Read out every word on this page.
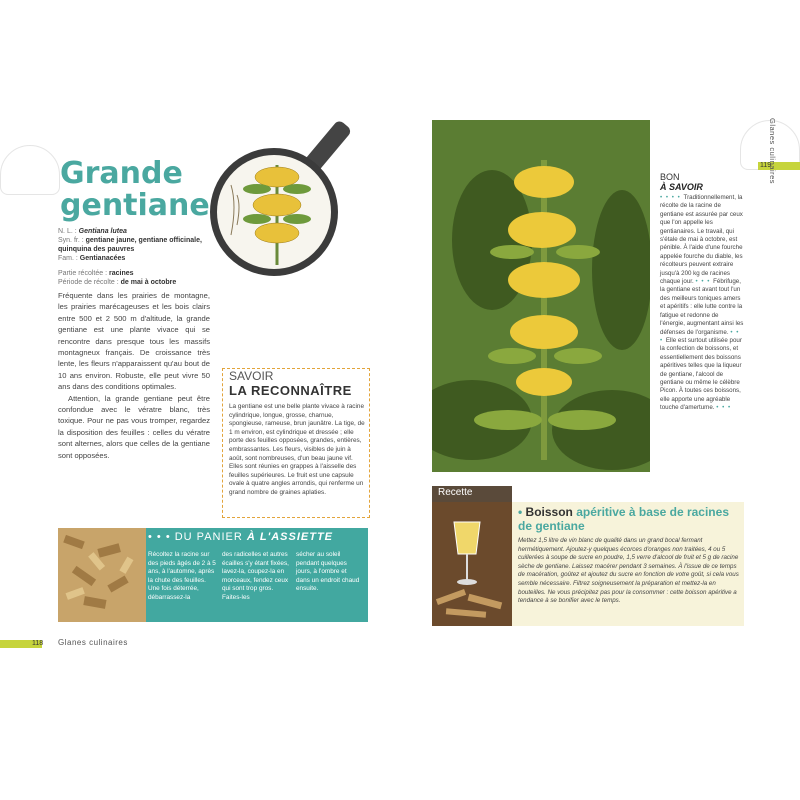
Grande
gentiane
N. L. : Gentiana lutea
Syn. fr. : gentiane jaune, gentiane officinale,
quinquina des pauvres
Fam. : Gentianacées
Partie récoltée : racines
Période de récolte : de mai à octobre

Fréquente dans les prairies de montagne, les prairies marécageuses et les bois clairs entre 500 et 2 500 m d'altitude, la grande gentiane est une plante vivace qui se rencontre dans presque tous les massifs montagneux français. De croissance très lente, les fleurs n'apparaissent qu'au bout de 10 ans environ. Robuste, elle peut vivre 50 ans dans des conditions optimales.

Attention, la grande gentiane peut être confondue avec le vératre blanc, très toxique. Pour ne pas vous tromper, regardez la disposition des feuilles : celles du vératre sont alternes, alors que celles de la gentiane sont opposées.

SAVOIR
LA RECONNAÎTRE
La gentiane est une belle plante vivace à racine cylindrique, longue, grosse, charnue, spongieuse, rameuse, brun jaunâtre. La tige, de 1 m environ, est cylindrique et dressée ; elle porte des feuilles opposées, grandes, entières, embrassantes. Les fleurs, visibles de juin à août, sont nombreuses, d'un beau jaune vif. Elles sont réunies en grappes à l'aisselle des feuilles supérieures. Le fruit est une capsule ovale à quatre angles arrondis, qui renferme un grand nombre de graines aplaties.
• • • DU PANIER À L'ASSIETTE
Récoltez la racine sur des pieds âgés de 2 à 5 ans, à l'automne, après la chute des feuilles. Une fois déterrée, débarrassez-la
des radicelles et autres écailles s'y étant fixées, lavez-la, coupez-la en morceaux, fendez ceux qui sont trop gros. Faites-les
sécher au soleil pendant quelques jours, à l'ombre et dans un endroit chaud ensuite.
118 Glanes culinaires
BON
À SAVOIR
• • • • Traditionnellement, la récolte de la racine de gentiane est assurée par ceux que l'on appelle les gentianaires. Le travail, qui s'étale de mai à octobre, est pénible. À l'aide d'une fourche appelée fourche du diable, les récolteurs peuvent extraire jusqu'à 200 kg de racines chaque jour. • • • Fébrifuge, la gentiane est avant tout l'un des meilleurs toniques amers et apéritifs : elle lutte contre la fatigue et redonne de l'énergie, augmentant ainsi les défenses de l'organisme. • • • Elle est surtout utilisée pour la confection de boissons, et essentiellement des boissons apéritives telles que la liqueur de gentiane, l'alcool de gentiane ou même le célèbre Picon. À toutes ces boissons, elle apporte une agréable touche d'amertume. • • •
119
Glanes culinaires
Recette
• Boisson apéritive à base de racines de gentiane
Mettez 1,5 litre de vin blanc de qualité dans un grand bocal fermant hermétiquement. Ajoutez-y quelques écorces d'oranges non traitées, 4 ou 5 cuillerées à soupe de sucre en poudre, 1,5 verre d'alcool de fruit et 5 g de racine sèche de gentiane. Laissez macérer pendant 3 semaines. À l'issue de ce temps de macération, goûtez et ajoutez du sucre en fonction de votre goût, si cela vous semble nécessaire. Filtrez soigneusement la préparation et mettez-la en bouteilles. Ne vous précipitez pas pour la consommer : cette boisson apéritive a tendance à se bonifier avec le temps.
